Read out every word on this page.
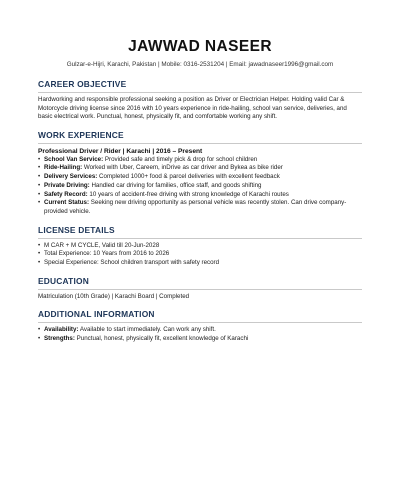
JAWWAD NASEER
Gulzar-e-Hijri, Karachi, Pakistan | Mobile: 0316-2531204 | Email: jawadnaseer1996@gmail.com
CAREER OBJECTIVE

Hardworking and responsible professional seeking a position as Driver or Electrician Helper. Holding valid Car & Motorcycle driving license since 2016 with 10 years experience in ride-hailing, school van service, deliveries, and basic electrical work. Punctual, honest, physically fit, and comfortable working any shift.

WORK EXPERIENCE

Professional Driver / Rider | Karachi | 2016 – Present

• School Van Service: Provided safe and timely pick & drop for school children
• Ride-Hailing: Worked with Uber, Careem, inDrive as car driver and Bykea as bike rider
• Delivery Services: Completed 1000+ food & parcel deliveries with excellent feedback
• Private Driving: Handled car driving for families, office staff, and goods shifting
• Safety Record: 10 years of accident-free driving with strong knowledge of Karachi routes
• Current Status: Seeking new driving opportunity as personal vehicle was recently stolen. Can drive company-provided vehicle.
LICENSE DETAILS
• M CAR + M CYCLE, Valid till 20-Jun-2028
• Total Experience: 10 Years from 2016 to 2026
• Special Experience: School children transport with safety record
EDUCATION

Matriculation (10th Grade) | Karachi Board | Completed

ADDITIONAL INFORMATION
• Availability: Available to start immediately. Can work any shift.
• Strengths: Punctual, honest, physically fit, excellent knowledge of Karachi
